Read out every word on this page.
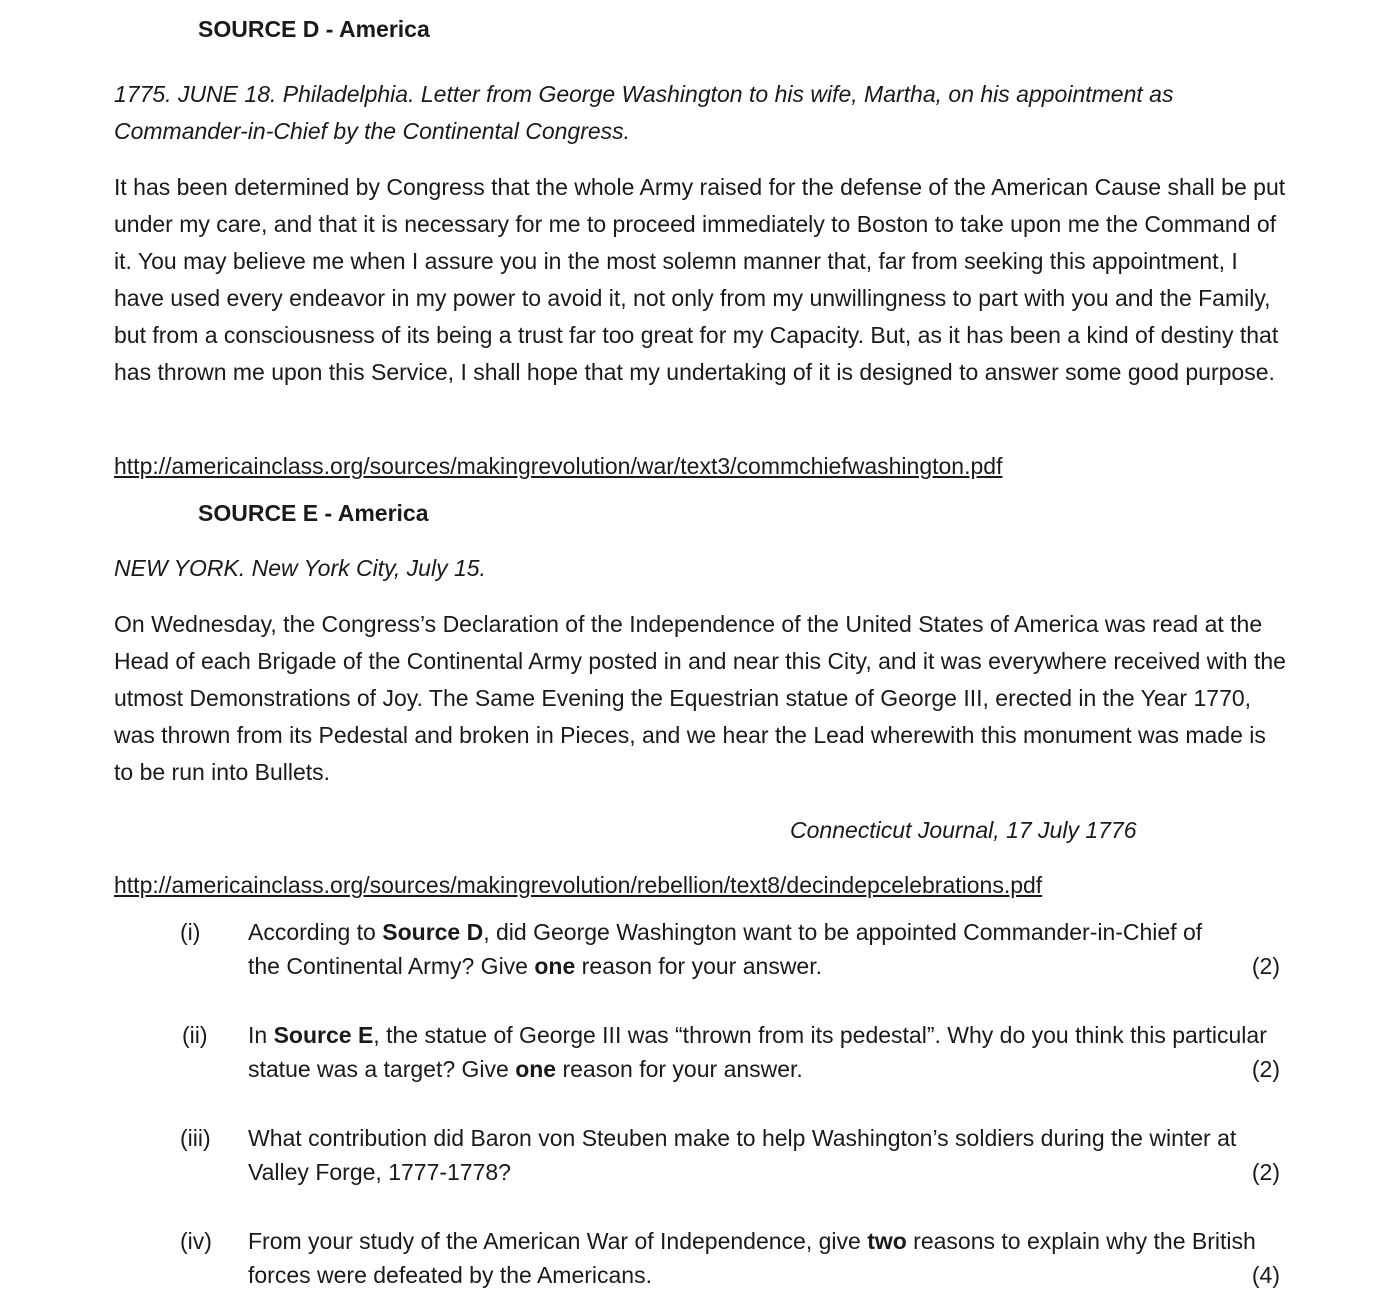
SOURCE D - America
1775. JUNE 18. Philadelphia. Letter from George Washington to his wife, Martha, on his appointment as Commander-in-Chief by the Continental Congress.
It has been determined by Congress that the whole Army raised for the defense of the American Cause shall be put under my care, and that it is necessary for me to proceed immediately to Boston to take upon me the Command of it. You may believe me when I assure you in the most solemn manner that, far from seeking this appointment, I have used every endeavor in my power to avoid it, not only from my unwillingness to part with you and the Family, but from a consciousness of its being a trust far too great for my Capacity. But, as it has been a kind of destiny that has thrown me upon this Service, I shall hope that my undertaking of it is designed to answer some good purpose.
http://americainclass.org/sources/makingrevolution/war/text3/commchiefwashington.pdf
SOURCE E - America
NEW YORK. New York City, July 15.
On Wednesday, the Congress’s Declaration of the Independence of the United States of America was read at the Head of each Brigade of the Continental Army posted in and near this City, and it was everywhere received with the utmost Demonstrations of Joy. The Same Evening the Equestrian statue of George III, erected in the Year 1770, was thrown from its Pedestal and broken in Pieces, and we hear the Lead wherewith this monument was made is to be run into Bullets.
Connecticut Journal, 17 July 1776
http://americainclass.org/sources/makingrevolution/rebellion/text8/decindepcelebrations.pdf
(i) According to Source D, did George Washington want to be appointed Commander-in-Chief of the Continental Army? Give one reason for your answer.	(2)
(ii) In Source E, the statue of George III was “thrown from its pedestal”. Why do you think this particular statue was a target? Give one reason for your answer.	(2)
(iii) What contribution did Baron von Steuben make to help Washington’s soldiers during the winter at Valley Forge, 1777-1778?	(2)
(iv) From your study of the American War of Independence, give two reasons to explain why the British forces were defeated by the Americans.	(4)
